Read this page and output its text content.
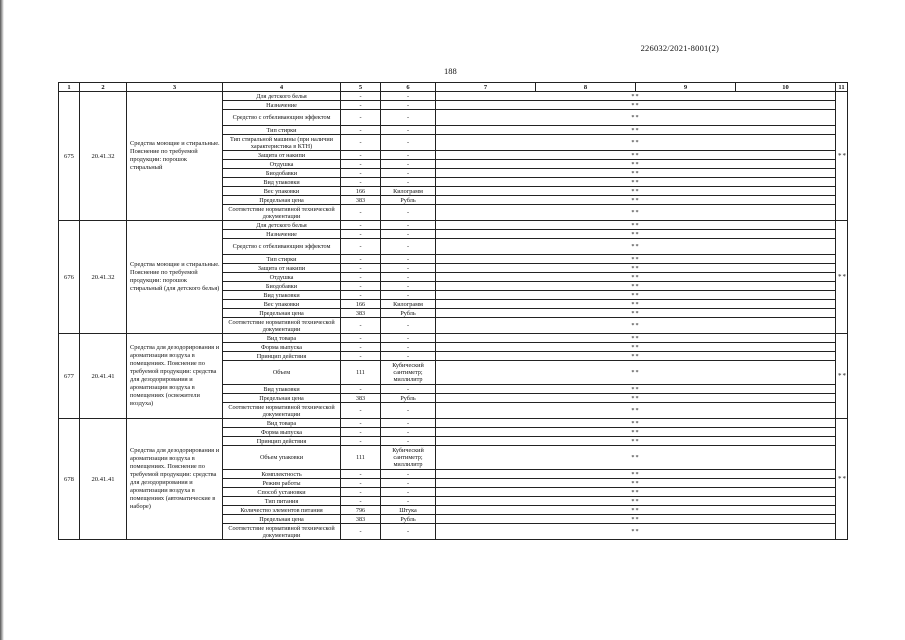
226032/2021-8001(2)
188
1	2	3	4	5	6	7	8	9	10	11
675	20.41.32	Средства моющие и стиральные. Пояснение по требуемой продукции: порошок стиральный	Для детского белья	-	-	**				**
			Назначение	-	-	**				
			Средство с отбеливающим эффектом	-	-	**				
			Тип стирки	-	-	**				
			Тип стиральной машины (при наличии характеристика в КТН)	-	-	**				
			Защита от накипи	-	-	**				
			Отдушка	-	-	**				
			Биодобавки	-	-	**				
			Вид упаковки	-	-	**				
			Вес упаковки	166	Килограмм	**				
			Предельная цена	383	Рубль	**				
			Соответствие нормативной технической документации	-	-	**				
676	20.41.32	Средства моющие и стиральные. Пояснение по требуемой продукции: порошок стиральный (для детского белья)	Для детского белья	-	-	**				**
			Назначение	-	-	**				
			Средство с отбеливающим эффектом	-	-	**				
			Тип стирки	-	-	**				
			Защита от накипи	-	-	**				
			Отдушка	-	-	**				
			Биодобавки	-	-	**				
			Вид упаковки	-	-	**				
			Вес упаковки	166	Килограмм	**				
			Предельная цена	383	Рубль	**				
			Соответствие нормативной технической документации	-	-	**				
677	20.41.41	Средства для дезодорирования и ароматизации воздуха в помещениях. Пояснение по требуемой продукции: средства для дезодорирования и ароматизации воздуха в помещениях (освежители воздуха)	Вид товара	-	-	**				**
			Форма выпуска	-	-	**				
			Принцип действия	-	-	**				
			Объем	111	Кубический сантиметр; миллилитр	**				
			Вид упаковки	-	-	**				
			Предельная цена	383	Рубль	**				
			Соответствие нормативной технической документации	-	-	**				
678	20.41.41	Средства для дезодорирования и ароматизации воздуха в помещениях. Пояснение по требуемой продукции: средства для дезодорирования и ароматизации воздуха в помещениях (автоматические в наборе)	Вид товара	-	-	**				**
			Форма выпуска	-	-	**				
			Принцип действия	-	-	**				
			Объем упаковки	111	Кубический сантиметр; миллилитр	**				
			Комплектность	-	-	**				
			Режим работы	-	-	**				
			Способ установки	-	-	**				
			Тип питания	-	-	**				
			Количество элементов питания	796	Штука	**				
			Предельная цена	383	Рубль	**				
			Соответствие нормативной технической документации	-	-	**				
